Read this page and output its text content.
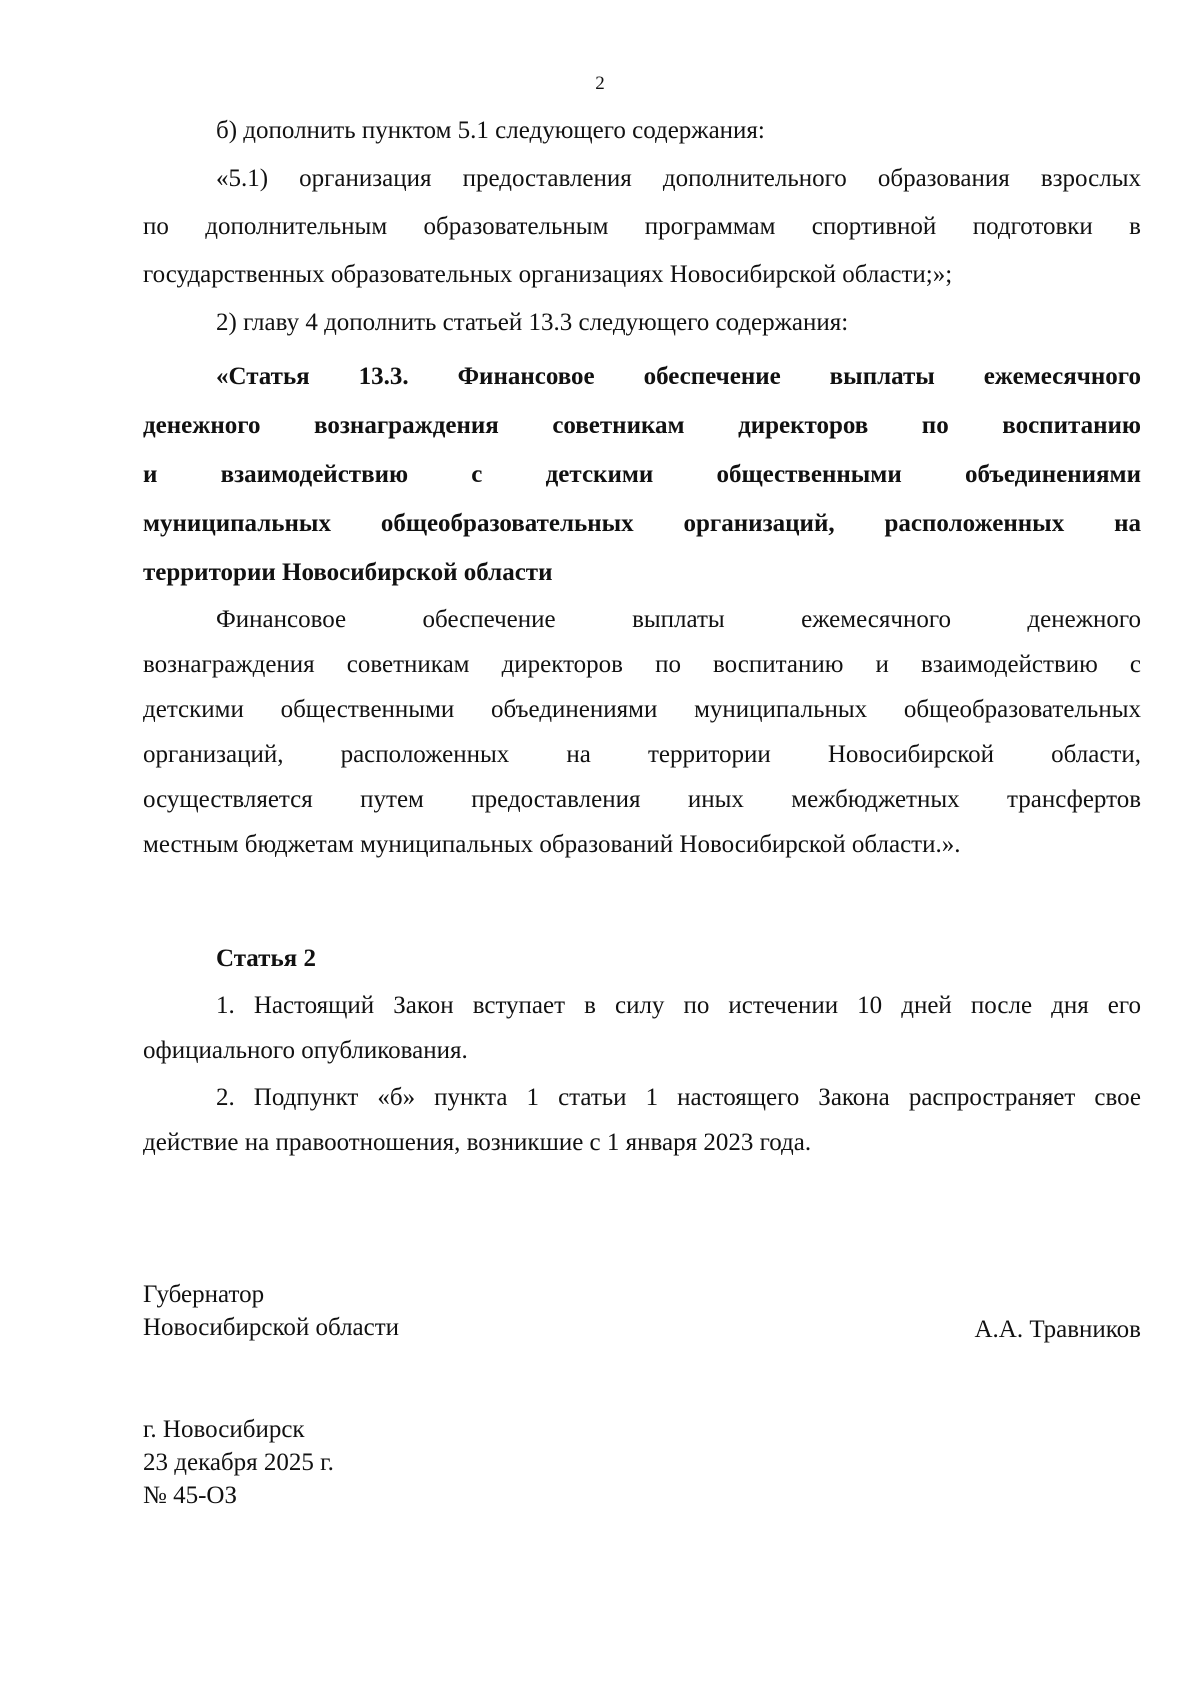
2
б) дополнить пунктом 5.1 следующего содержания:
«5.1) организация предоставления дополнительного образования взрослых
по дополнительным образовательным программам спортивной подготовки в
государственных образовательных организациях Новосибирской области;»;
2) главу 4 дополнить статьей 13.3 следующего содержания:
«Статья 13.3. Финансовое обеспечение выплаты ежемесячного
денежного вознаграждения советникам директоров по воспитанию
и взаимодействию с детскими общественными объединениями
муниципальных общеобразовательных организаций, расположенных на
территории Новосибирской области
Финансовое обеспечение выплаты ежемесячного денежного
вознаграждения советникам директоров по воспитанию и взаимодействию с
детскими общественными объединениями муниципальных общеобразовательных
организаций, расположенных на территории Новосибирской области,
осуществляется путем предоставления иных межбюджетных трансфертов
местным бюджетам муниципальных образований Новосибирской области.».
Статья 2
1. Настоящий Закон вступает в силу по истечении 10 дней после дня его
официального опубликования.
2. Подпункт «б» пункта 1 статьи 1 настоящего Закона распространяет свое
действие на правоотношения, возникшие с 1 января 2023 года.
Губернатор
Новосибирской области	А.А. Травников
г. Новосибирск
23 декабря 2025 г.
№ 45-ОЗ
